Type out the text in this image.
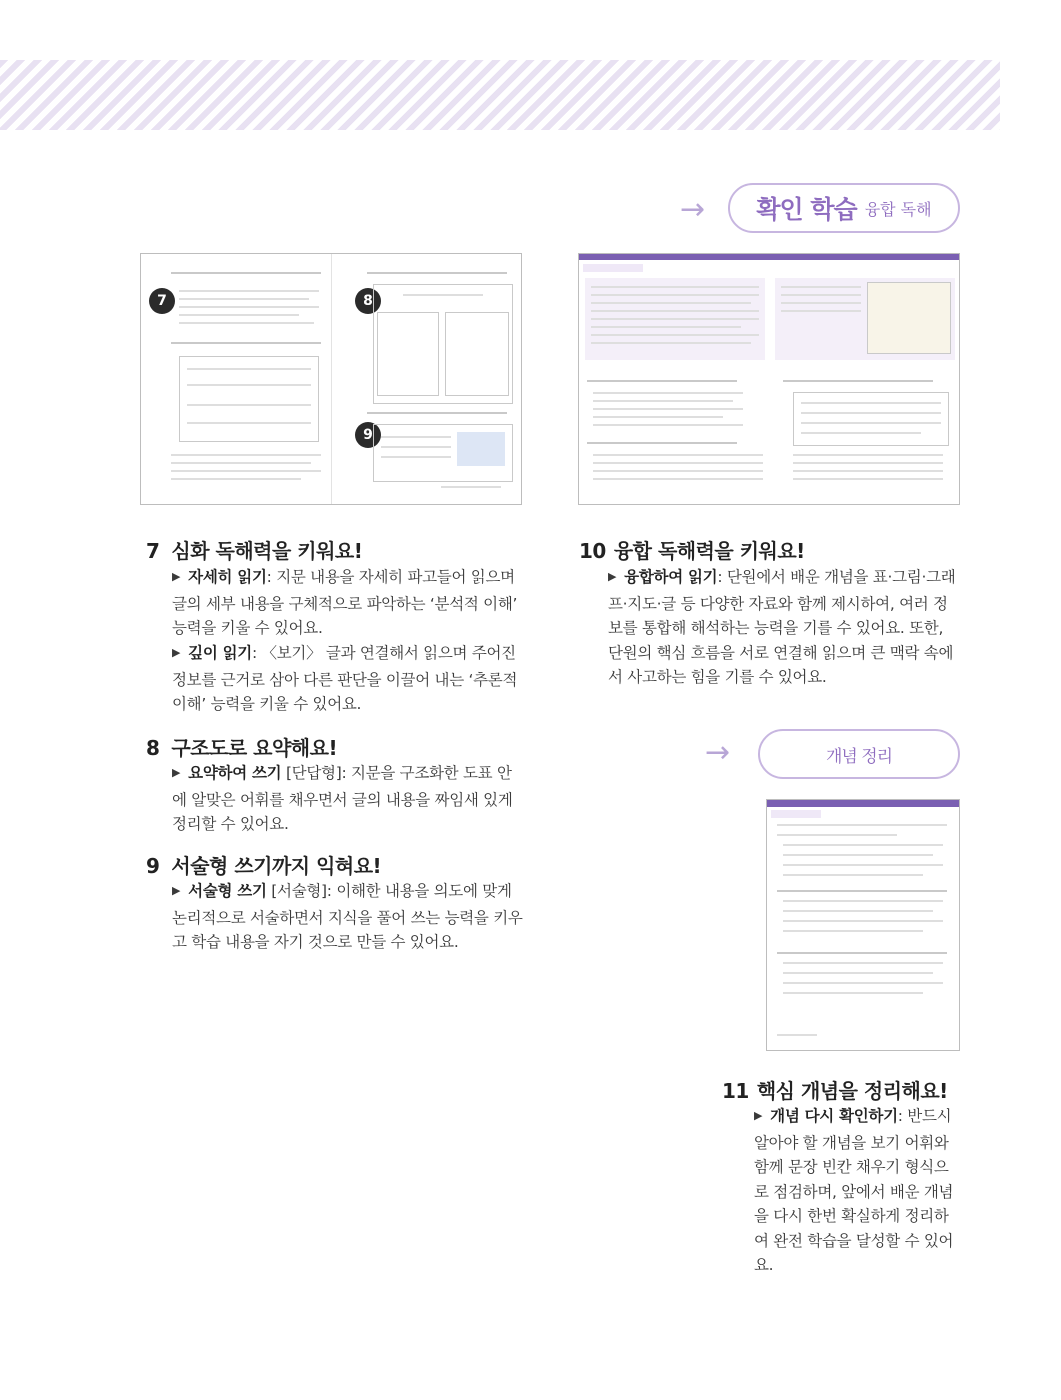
→ 확인 학습 융합 독해
7	8
9
→	개념 정리
7 심화 독해력을 키워요!
▶ 자세히 읽기: 지문 내용을 자세히 파고들어 읽으며 글의 세부 내용을 구체적으로 파악하는 ‘분석적 이해’ 능력을 키울 수 있어요.
▶ 깊이 읽기: 〈보기〉 글과 연결해서 읽으며 주어진 정보를 근거로 삼아 다른 판단을 이끌어 내는 ‘추론적 이해’ 능력을 키울 수 있어요.
8 구조도로 요약해요!
▶ 요약하여 쓰기 [단답형]: 지문을 구조화한 도표 안에 알맞은 어휘를 채우면서 글의 내용을 짜임새 있게 정리할 수 있어요.
9 서술형 쓰기까지 익혀요!
▶ 서술형 쓰기 [서술형]: 이해한 내용을 의도에 맞게 논리적으로 서술하면서 지식을 풀어 쓰는 능력을 키우고 학습 내용을 자기 것으로 만들 수 있어요.
10 융합 독해력을 키워요!
▶ 융합하여 읽기: 단원에서 배운 개념을 표·그림·그래프·지도·글 등 다양한 자료와 함께 제시하여, 여러 정보를 통합해 해석하는 능력을 기를 수 있어요. 또한, 단원의 핵심 흐름을 서로 연결해 읽으며 큰 맥락 속에서 사고하는 힘을 기를 수 있어요.
11 핵심 개념을 정리해요!
▶ 개념 다시 확인하기: 반드시 알아야 할 개념을 보기 어휘와 함께 문장 빈칸 채우기 형식으로 점검하며, 앞에서 배운 개념을 다시 한번 확실하게 정리하여 완전 학습을 달성할 수 있어요.
